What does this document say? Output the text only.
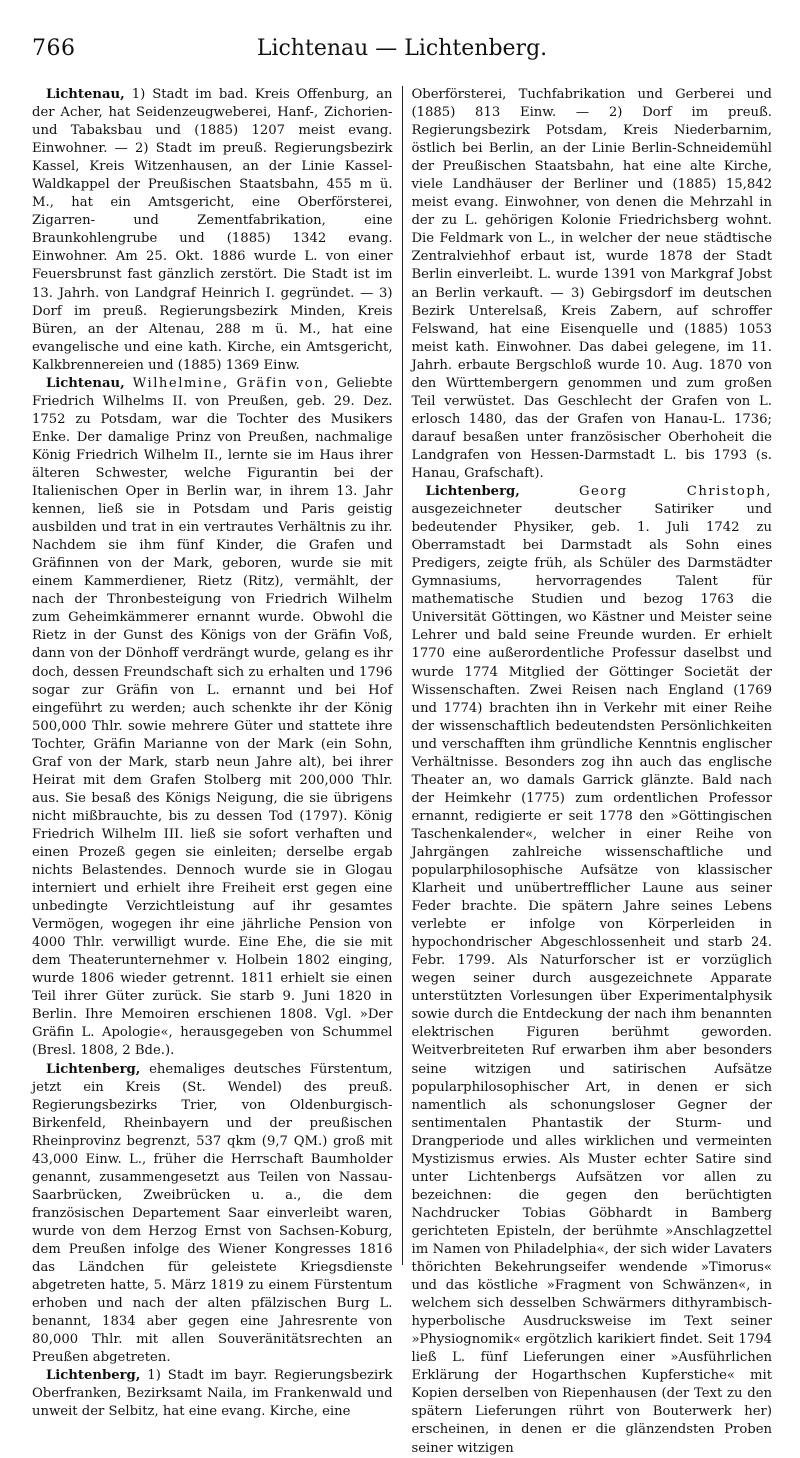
766	Lichtenau — Lichtenberg.

Lichtenau, 1) Stadt im bad. Kreis Offenburg, an der Acher, hat Seidenzeugweberei, Hanf-, Zichorien- und Tabaksbau und (1885) 1207 meist evang. Einwohner. — 2) Stadt im preuß. Regierungsbezirk Kassel, Kreis Witzenhausen, an der Linie Kassel-Waldkappel der Preußischen Staatsbahn, 455 m ü. M., hat ein Amtsgericht, eine Oberförsterei, Zigarren- und Zementfabrikation, eine Braunkohlengrube und (1885) 1342 evang. Einwohner. Am 25. Okt. 1886 wurde L. von einer Feuersbrunst fast gänzlich zerstört. Die Stadt ist im 13. Jahrh. von Landgraf Heinrich I. gegründet. — 3) Dorf im preuß. Regierungsbezirk Minden, Kreis Büren, an der Altenau, 288 m ü. M., hat eine evangelische und eine kath. Kirche, ein Amtsgericht, Kalkbrennereien und (1885) 1369 Einw.

Lichtenau, Wilhelmine, Gräfin von, Geliebte Friedrich Wilhelms II. von Preußen, geb. 29. Dez. 1752 zu Potsdam, war die Tochter des Musikers Enke. Der damalige Prinz von Preußen, nachmalige König Friedrich Wilhelm II., lernte sie im Haus ihrer älteren Schwester, welche Figurantin bei der Italienischen Oper in Berlin war, in ihrem 13. Jahr kennen, ließ sie in Potsdam und Paris geistig ausbilden und trat in ein vertrautes Verhältnis zu ihr. Nachdem sie ihm fünf Kinder, die Grafen und Gräfinnen von der Mark, geboren, wurde sie mit einem Kammerdiener, Rietz (Ritz), vermählt, der nach der Thronbesteigung von Friedrich Wilhelm zum Geheimkämmerer ernannt wurde. Obwohl die Rietz in der Gunst des Königs von der Gräfin Voß, dann von der Dönhoff verdrängt wurde, gelang es ihr doch, dessen Freundschaft sich zu erhalten und 1796 sogar zur Gräfin von L. ernannt und bei Hof eingeführt zu werden; auch schenkte ihr der König 500,000 Thlr. sowie mehrere Güter und stattete ihre Tochter, Gräfin Marianne von der Mark (ein Sohn, Graf von der Mark, starb neun Jahre alt), bei ihrer Heirat mit dem Grafen Stolberg mit 200,000 Thlr. aus. Sie besaß des Königs Neigung, die sie übrigens nicht mißbrauchte, bis zu dessen Tod (1797). König Friedrich Wilhelm III. ließ sie sofort verhaften und einen Prozeß gegen sie einleiten; derselbe ergab nichts Belastendes. Dennoch wurde sie in Glogau interniert und erhielt ihre Freiheit erst gegen eine unbedingte Verzichtleistung auf ihr gesamtes Vermögen, wogegen ihr eine jährliche Pension von 4000 Thlr. verwilligt wurde. Eine Ehe, die sie mit dem Theaterunternehmer v. Holbein 1802 einging, wurde 1806 wieder getrennt. 1811 erhielt sie einen Teil ihrer Güter zurück. Sie starb 9. Juni 1820 in Berlin. Ihre Memoiren erschienen 1808. Vgl. »Der Gräfin L. Apologie«, herausgegeben von Schummel (Bresl. 1808, 2 Bde.).

Lichtenberg, ehemaliges deutsches Fürstentum, jetzt ein Kreis (St. Wendel) des preuß. Regierungsbezirks Trier, von Oldenburgisch-Birkenfeld, Rheinbayern und der preußischen Rheinprovinz begrenzt, 537 qkm (9,7 QM.) groß mit 43,000 Einw. L., früher die Herrschaft Baumholder genannt, zusammengesetzt aus Teilen von Nassau-Saarbrücken, Zweibrücken u. a., die dem französischen Departement Saar einverleibt waren, wurde von dem Herzog Ernst von Sachsen-Koburg, dem Preußen infolge des Wiener Kongresses 1816 das Ländchen für geleistete Kriegsdienste abgetreten hatte, 5. März 1819 zu einem Fürstentum erhoben und nach der alten pfälzischen Burg L. benannt, 1834 aber gegen eine Jahresrente von 80,000 Thlr. mit allen Souveränitätsrechten an Preußen abgetreten.

Lichtenberg, 1) Stadt im bayr. Regierungsbezirk Oberfranken, Bezirksamt Naila, im Frankenwald und unweit der Selbitz, hat eine evang. Kirche, eine

Oberförsterei, Tuchfabrikation und Gerberei und (1885) 813 Einw. — 2) Dorf im preuß. Regierungsbezirk Potsdam, Kreis Niederbarnim, östlich bei Berlin, an der Linie Berlin-Schneidemühl der Preußischen Staatsbahn, hat eine alte Kirche, viele Landhäuser der Berliner und (1885) 15,842 meist evang. Einwohner, von denen die Mehrzahl in der zu L. gehörigen Kolonie Friedrichsberg wohnt. Die Feldmark von L., in welcher der neue städtische Zentralviehhof erbaut ist, wurde 1878 der Stadt Berlin einverleibt. L. wurde 1391 von Markgraf Jobst an Berlin verkauft. — 3) Gebirgsdorf im deutschen Bezirk Unterelsaß, Kreis Zabern, auf schroffer Felswand, hat eine Eisenquelle und (1885) 1053 meist kath. Einwohner. Das dabei gelegene, im 11. Jahrh. erbaute Bergschloß wurde 10. Aug. 1870 von den Württembergern genommen und zum großen Teil verwüstet. Das Geschlecht der Grafen von L. erlosch 1480, das der Grafen von Hanau-L. 1736; darauf besaßen unter französischer Oberhoheit die Landgrafen von Hessen-Darmstadt L. bis 1793 (s. Hanau, Grafschaft).

Lichtenberg, Georg Christoph, ausgezeichneter deutscher Satiriker und bedeutender Physiker, geb. 1. Juli 1742 zu Oberramstadt bei Darmstadt als Sohn eines Predigers, zeigte früh, als Schüler des Darmstädter Gymnasiums, hervorragendes Talent für mathematische Studien und bezog 1763 die Universität Göttingen, wo Kästner und Meister seine Lehrer und bald seine Freunde wurden. Er erhielt 1770 eine außerordentliche Professur daselbst und wurde 1774 Mitglied der Göttinger Societät der Wissenschaften. Zwei Reisen nach England (1769 und 1774) brachten ihn in Verkehr mit einer Reihe der wissenschaftlich bedeutendsten Persönlichkeiten und verschafften ihm gründliche Kenntnis englischer Verhältnisse. Besonders zog ihn auch das englische Theater an, wo damals Garrick glänzte. Bald nach der Heimkehr (1775) zum ordentlichen Professor ernannt, redigierte er seit 1778 den »Göttingischen Taschenkalender«, welcher in einer Reihe von Jahrgängen zahlreiche wissenschaftliche und popularphilosophische Aufsätze von klassischer Klarheit und unübertrefflicher Laune aus seiner Feder brachte. Die spätern Jahre seines Lebens verlebte er infolge von Körperleiden in hypochondrischer Abgeschlossenheit und starb 24. Febr. 1799. Als Naturforscher ist er vorzüglich wegen seiner durch ausgezeichnete Apparate unterstützten Vorlesungen über Experimentalphysik sowie durch die Entdeckung der nach ihm benannten elektrischen Figuren berühmt geworden. Weitverbreiteten Ruf erwarben ihm aber besonders seine witzigen und satirischen Aufsätze popularphilosophischer Art, in denen er sich namentlich als schonungsloser Gegner der sentimentalen Phantastik der Sturm- und Drangperiode und alles wirklichen und vermeinten Mystizismus erwies. Als Muster echter Satire sind unter Lichtenbergs Aufsätzen vor allen zu bezeichnen: die gegen den berüchtigten Nachdrucker Tobias Göbhardt in Bamberg gerichteten Episteln, der berühmte »Anschlagzettel im Namen von Philadelphia«, der sich wider Lavaters thörichten Bekehrungseifer wendende »Timorus« und das köstliche »Fragment von Schwänzen«, in welchem sich desselben Schwärmers dithyrambisch-hyperbolische Ausdrucksweise im Text seiner »Physiognomik« ergötzlich karikiert findet. Seit 1794 ließ L. fünf Lieferungen einer »Ausführlichen Erklärung der Hogarthschen Kupferstiche« mit Kopien derselben von Riepenhausen (der Text zu den spätern Lieferungen rührt von Bouterwerk her) erscheinen, in denen er die glänzendsten Proben seiner witzigen
